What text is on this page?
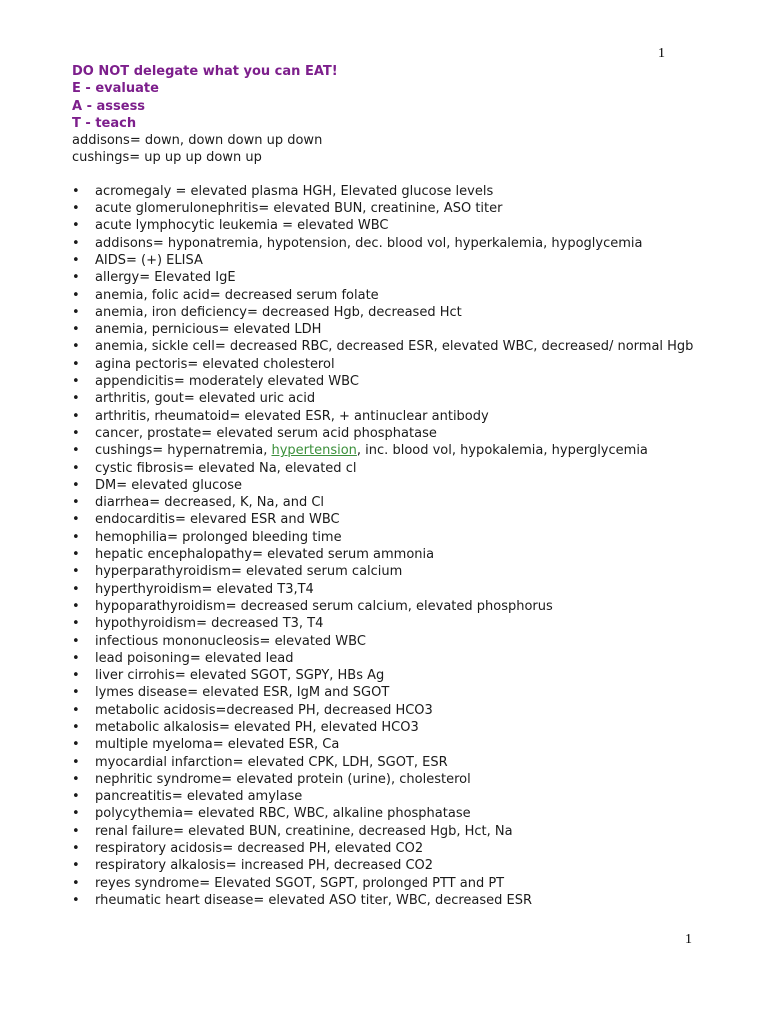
1
DO NOT delegate what you can EAT!
E - evaluate
A - assess
T - teach
addisons= down, down down up down
cushings= up up up down up
• acromegaly = elevated plasma HGH, Elevated glucose levels
• acute glomerulonephritis= elevated BUN, creatinine, ASO titer
• acute lymphocytic leukemia = elevated WBC
• addisons= hyponatremia, hypotension, dec. blood vol, hyperkalemia, hypoglycemia
• AIDS= (+) ELISA
• allergy= Elevated IgE
• anemia, folic acid= decreased serum folate
• anemia, iron deficiency= decreased Hgb, decreased Hct
• anemia, pernicious= elevated LDH
• anemia, sickle cell= decreased RBC, decreased ESR, elevated WBC, decreased/ normal Hgb
• agina pectoris= elevated cholesterol
• appendicitis= moderately elevated WBC
• arthritis, gout= elevated uric acid
• arthritis, rheumatoid= elevated ESR, + antinuclear antibody
• cancer, prostate= elevated serum acid phosphatase
• cushings= hypernatremia, hypertension, inc. blood vol, hypokalemia, hyperglycemia
• cystic fibrosis= elevated Na, elevated cl
• DM= elevated glucose
• diarrhea= decreased, K, Na, and Cl
• endocarditis= elevared ESR and WBC
• hemophilia= prolonged bleeding time
• hepatic encephalopathy= elevated serum ammonia
• hyperparathyroidism= elevated serum calcium
• hyperthyroidism= elevated T3,T4
• hypoparathyroidism= decreased serum calcium, elevated phosphorus
• hypothyroidism= decreased T3, T4
• infectious mononucleosis= elevated WBC
• lead poisoning= elevated lead
• liver cirrohis= elevated SGOT, SGPY, HBs Ag
• lymes disease= elevated ESR, IgM and SGOT
• metabolic acidosis=decreased PH, decreased HCO3
• metabolic alkalosis= elevated PH, elevated HCO3
• multiple myeloma= elevated ESR, Ca
• myocardial infarction= elevated CPK, LDH, SGOT, ESR
• nephritic syndrome= elevated protein (urine), cholesterol
• pancreatitis= elevated amylase
• polycythemia= elevated RBC, WBC, alkaline phosphatase
• renal failure= elevated BUN, creatinine, decreased Hgb, Hct, Na
• respiratory acidosis= decreased PH, elevated CO2
• respiratory alkalosis= increased PH, decreased CO2
• reyes syndrome= Elevated SGOT, SGPT, prolonged PTT and PT
• rheumatic heart disease= elevated ASO titer, WBC, decreased ESR
1
